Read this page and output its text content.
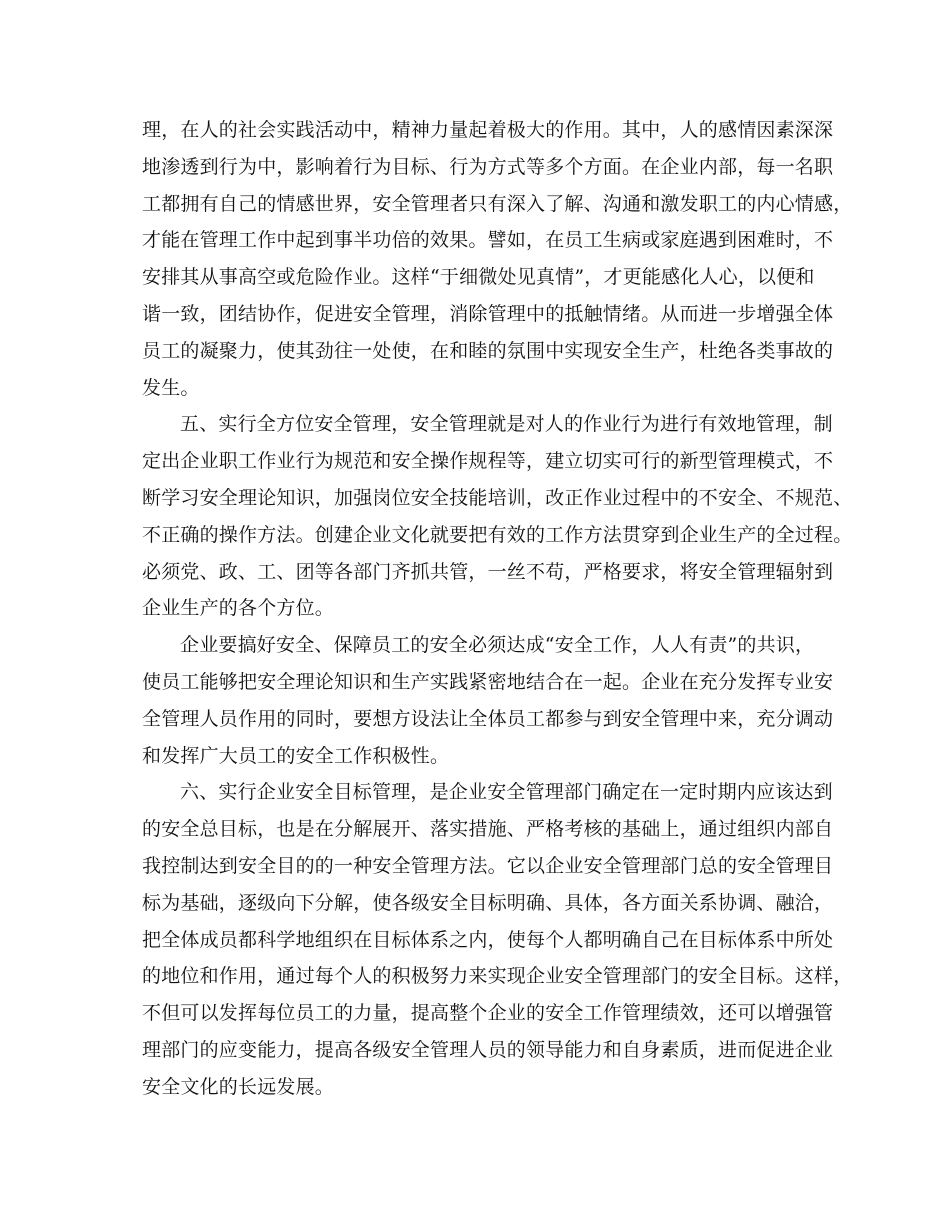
理，在人的社会实践活动中，精神力量起着极大的作用。其中，人的感情因素深深
地渗透到行为中，影响着行为目标、行为方式等多个方面。在企业内部，每一名职
工都拥有自己的情感世界，安全管理者只有深入了解、沟通和激发职工的内心情感，
才能在管理工作中起到事半功倍的效果。譬如，在员工生病或家庭遇到困难时，不
安排其从事高空或危险作业。这样“于细微处见真情”，才更能感化人心，以便和
谐一致，团结协作，促进安全管理，消除管理中的抵触情绪。从而进一步增强全体
员工的凝聚力，使其劲往一处使，在和睦的氛围中实现安全生产，杜绝各类事故的
发生。
五、实行全方位安全管理，安全管理就是对人的作业行为进行有效地管理，制
定出企业职工作业行为规范和安全操作规程等，建立切实可行的新型管理模式，不
断学习安全理论知识，加强岗位安全技能培训，改正作业过程中的不安全、不规范、
不正确的操作方法。创建企业文化就要把有效的工作方法贯穿到企业生产的全过程。
必须党、政、工、团等各部门齐抓共管，一丝不苟，严格要求，将安全管理辐射到
企业生产的各个方位。
企业要搞好安全、保障员工的安全必须达成“安全工作，人人有责”的共识，
使员工能够把安全理论知识和生产实践紧密地结合在一起。企业在充分发挥专业安
全管理人员作用的同时，要想方设法让全体员工都参与到安全管理中来，充分调动
和发挥广大员工的安全工作积极性。
六、实行企业安全目标管理，是企业安全管理部门确定在一定时期内应该达到
的安全总目标，也是在分解展开、落实措施、严格考核的基础上，通过组织内部自
我控制达到安全目的的一种安全管理方法。它以企业安全管理部门总的安全管理目
标为基础，逐级向下分解，使各级安全目标明确、具体，各方面关系协调、融洽，
把全体成员都科学地组织在目标体系之内，使每个人都明确自己在目标体系中所处
的地位和作用，通过每个人的积极努力来实现企业安全管理部门的安全目标。这样，
不但可以发挥每位员工的力量，提高整个企业的安全工作管理绩效，还可以增强管
理部门的应变能力，提高各级安全管理人员的领导能力和自身素质，进而促进企业
安全文化的长远发展。
